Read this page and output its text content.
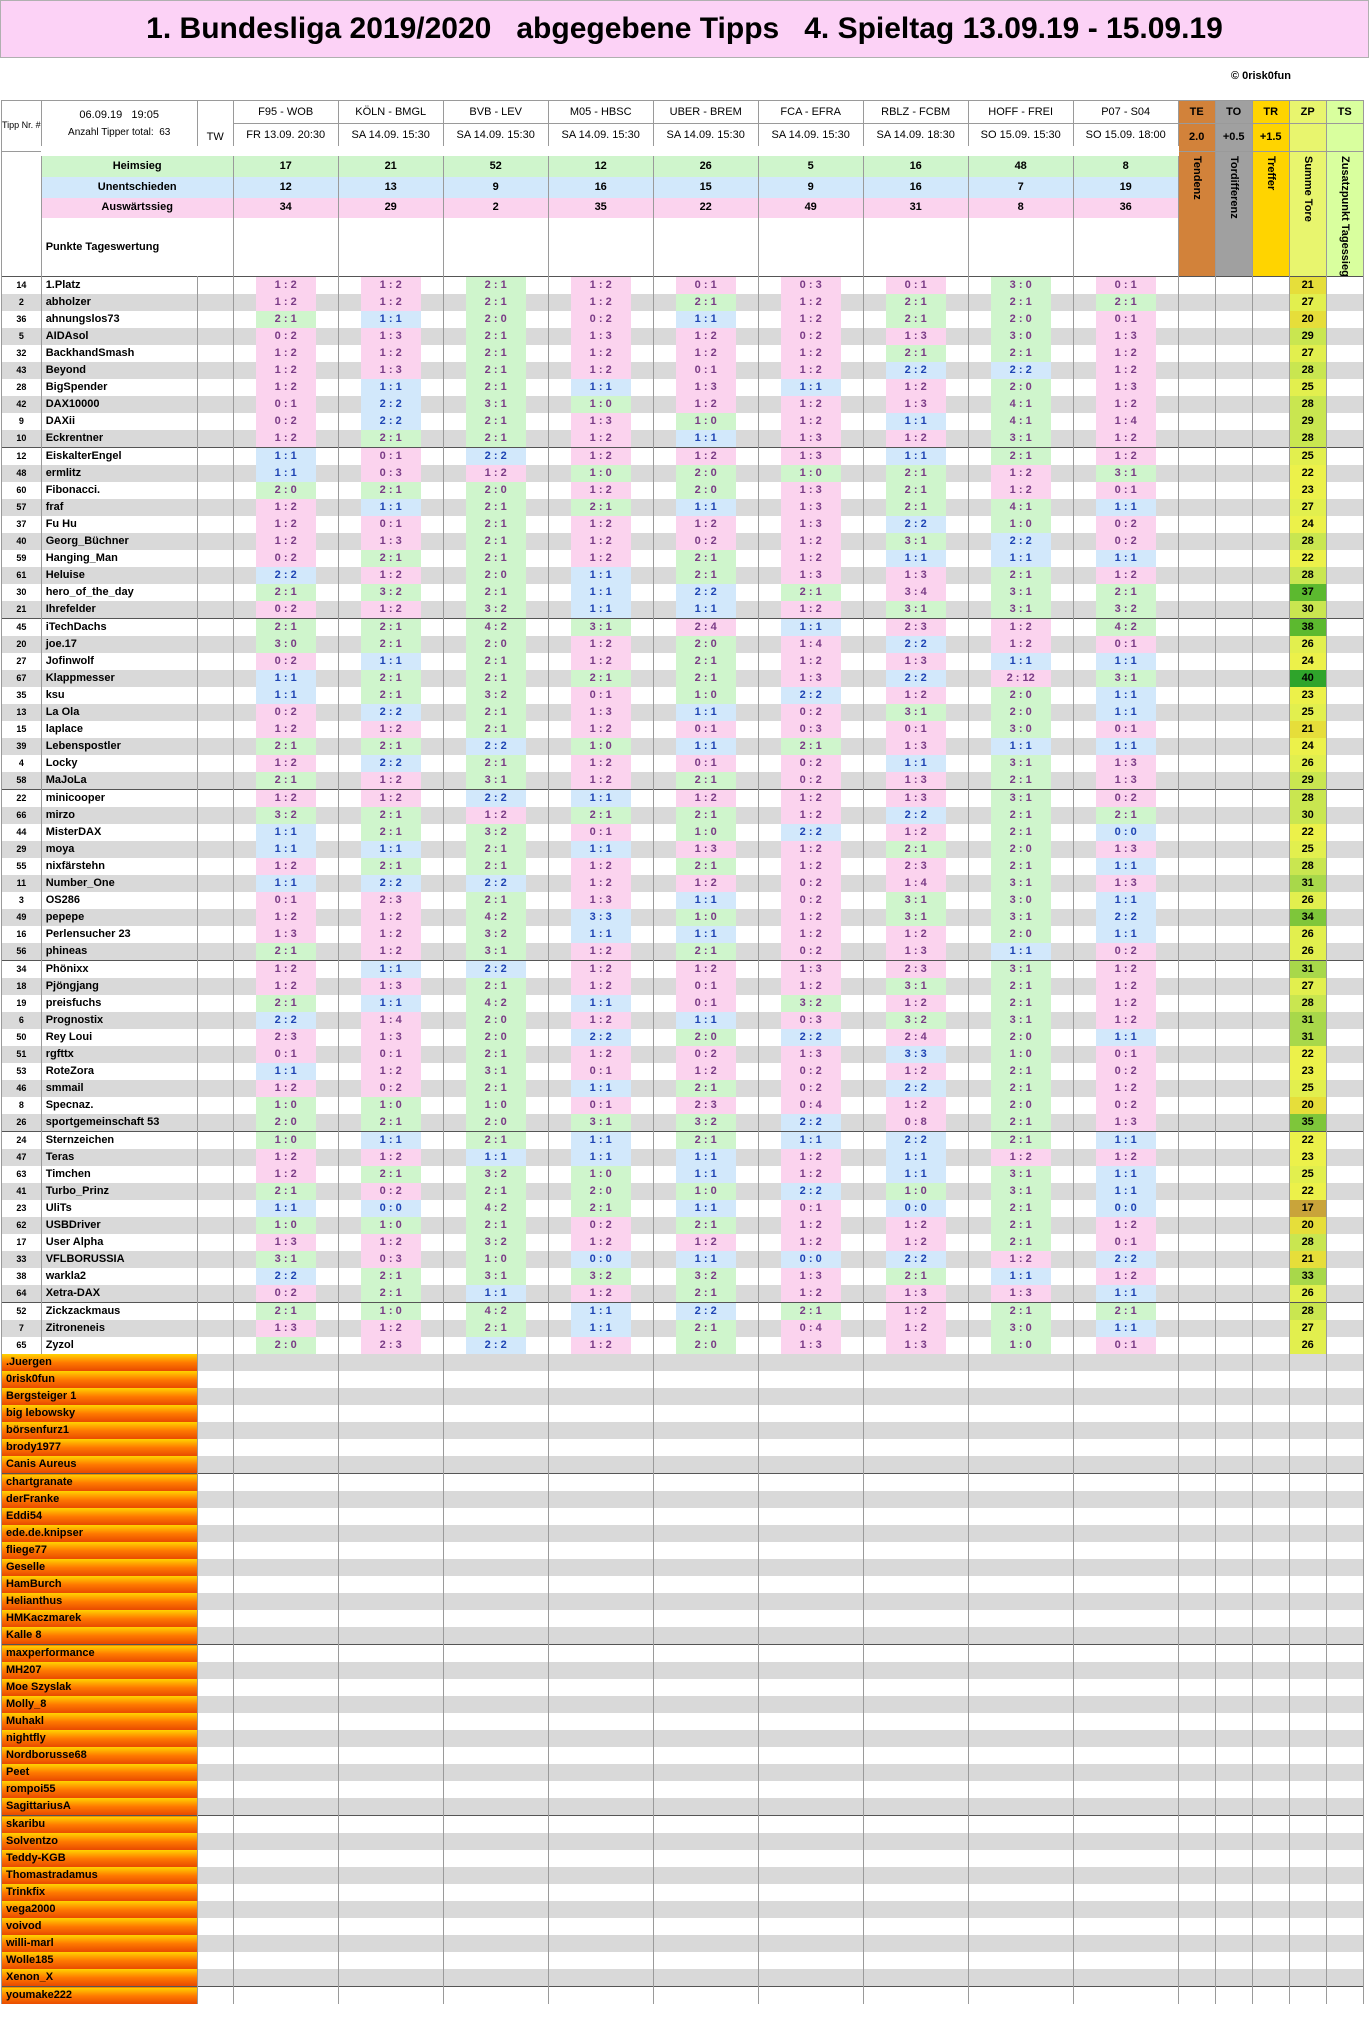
1. Bundesliga 2019/2020   abgegebene Tipps   4. Spieltag 13.09.19 - 15.09.19
© 0risk0fun
Tipp Nr. #	06.09.19 19:05
Anzahl Tipper total: 63	TW	F95 - WOB	KÖLN - BMGL	BVB - LEV	M05 - HBSC	UBER - BREM	FCA - EFRA	RBLZ - FCBM	HOFF - FREI	P07 - S04	TE	TO	TR	ZP	TS
			FR 13.09. 20:30	SA 14.09. 15:30	SA 14.09. 15:30	SA 14.09. 15:30	SA 14.09. 15:30	SA 14.09. 15:30	SA 14.09. 18:30	SO 15.09. 15:30	SO 15.09. 18:00	2.0	+0.5	+1.5		
	Heimsieg		17	21	52	12	26	5	16	48	8	Tendenz	Tordifferenz	Treffer	Summe Tore	Zusatzpunkt Tagessieg

	Unentschieden		12	13	9	16	15	9	16	7	19					
	Auswärtssieg		34	29	2	35	22	49	31	8	36					
	Punkte Tageswertung															
14	1.Platz		1 : 2	1 : 2	2 : 1	1 : 2	0 : 1	0 : 3	0 : 1	3 : 0	0 : 1				21	
2	abholzer		1 : 2	1 : 2	2 : 1	1 : 2	2 : 1	1 : 2	2 : 1	2 : 1	2 : 1				27	
36	ahnungslos73		2 : 1	1 : 1	2 : 0	0 : 2	1 : 1	1 : 2	2 : 1	2 : 0	0 : 1				20	
5	AIDAsol		0 : 2	1 : 3	2 : 1	1 : 3	1 : 2	0 : 2	1 : 3	3 : 0	1 : 3				29	
32	BackhandSmash		1 : 2	1 : 2	2 : 1	1 : 2	1 : 2	1 : 2	2 : 1	2 : 1	1 : 2				27	
43	Beyond		1 : 2	1 : 3	2 : 1	1 : 2	0 : 1	1 : 2	2 : 2	2 : 2	1 : 2				28	
28	BigSpender		1 : 2	1 : 1	2 : 1	1 : 1	1 : 3	1 : 1	1 : 2	2 : 0	1 : 3				25	
42	DAX10000		0 : 1	2 : 2	3 : 1	1 : 0	1 : 2	1 : 2	1 : 3	4 : 1	1 : 2				28	
9	DAXii		0 : 2	2 : 2	2 : 1	1 : 3	1 : 0	1 : 2	1 : 1	4 : 1	1 : 4				29	
10	Eckrentner		1 : 2	2 : 1	2 : 1	1 : 2	1 : 1	1 : 3	1 : 2	3 : 1	1 : 2				28	
12	EiskalterEngel		1 : 1	0 : 1	2 : 2	1 : 2	1 : 2	1 : 3	1 : 1	2 : 1	1 : 2				25	
48	ermlitz		1 : 1	0 : 3	1 : 2	1 : 0	2 : 0	1 : 0	2 : 1	1 : 2	3 : 1				22	
60	Fibonacci.		2 : 0	2 : 1	2 : 0	1 : 2	2 : 0	1 : 3	2 : 1	1 : 2	0 : 1				23	
57	fraf		1 : 2	1 : 1	2 : 1	2 : 1	1 : 1	1 : 3	2 : 1	4 : 1	1 : 1				27	
37	Fu Hu		1 : 2	0 : 1	2 : 1	1 : 2	1 : 2	1 : 3	2 : 2	1 : 0	0 : 2				24	
40	Georg_Büchner		1 : 2	1 : 3	2 : 1	1 : 2	0 : 2	1 : 2	3 : 1	2 : 2	0 : 2				28	
59	Hanging_Man		0 : 2	2 : 1	2 : 1	1 : 2	2 : 1	1 : 2	1 : 1	1 : 1	1 : 1				22	
61	Heluise		2 : 2	1 : 2	2 : 0	1 : 1	2 : 1	1 : 3	1 : 3	2 : 1	1 : 2				28	
30	hero_of_the_day		2 : 1	3 : 2	2 : 1	1 : 1	2 : 2	2 : 1	3 : 4	3 : 1	2 : 1				37	
21	Ihrefelder		0 : 2	1 : 2	3 : 2	1 : 1	1 : 1	1 : 2	3 : 1	3 : 1	3 : 2				30	
45	iTechDachs		2 : 1	2 : 1	4 : 2	3 : 1	2 : 4	1 : 1	2 : 3	1 : 2	4 : 2				38	
20	joe.17		3 : 0	2 : 1	2 : 0	1 : 2	2 : 0	1 : 4	2 : 2	1 : 2	0 : 1				26	
27	Jofinwolf		0 : 2	1 : 1	2 : 1	1 : 2	2 : 1	1 : 2	1 : 3	1 : 1	1 : 1				24	
67	Klappmesser		1 : 1	2 : 1	2 : 1	2 : 1	2 : 1	1 : 3	2 : 2	2 : 12	3 : 1				40	
35	ksu		1 : 1	2 : 1	3 : 2	0 : 1	1 : 0	2 : 2	1 : 2	2 : 0	1 : 1				23	
13	La Ola		0 : 2	2 : 2	2 : 1	1 : 3	1 : 1	0 : 2	3 : 1	2 : 0	1 : 1				25	
15	laplace		1 : 2	1 : 2	2 : 1	1 : 2	0 : 1	0 : 3	0 : 1	3 : 0	0 : 1				21	
39	Lebenspostler		2 : 1	2 : 1	2 : 2	1 : 0	1 : 1	2 : 1	1 : 3	1 : 1	1 : 1				24	
4	Locky		1 : 2	2 : 2	2 : 1	1 : 2	0 : 1	0 : 2	1 : 1	3 : 1	1 : 3				26	
58	MaJoLa		2 : 1	1 : 2	3 : 1	1 : 2	2 : 1	0 : 2	1 : 3	2 : 1	1 : 3				29	
22	minicooper		1 : 2	1 : 2	2 : 2	1 : 1	1 : 2	1 : 2	1 : 3	3 : 1	0 : 2				28	
66	mirzo		3 : 2	2 : 1	1 : 2	2 : 1	2 : 1	1 : 2	2 : 2	2 : 1	2 : 1				30	
44	MisterDAX		1 : 1	2 : 1	3 : 2	0 : 1	1 : 0	2 : 2	1 : 2	2 : 1	0 : 0				22	
29	moya		1 : 1	1 : 1	2 : 1	1 : 1	1 : 3	1 : 2	2 : 1	2 : 0	1 : 3				25	
55	nixfärstehn		1 : 2	2 : 1	2 : 1	1 : 2	2 : 1	1 : 2	2 : 3	2 : 1	1 : 1				28	
11	Number_One		1 : 1	2 : 2	2 : 2	1 : 2	1 : 2	0 : 2	1 : 4	3 : 1	1 : 3				31	
3	OS286		0 : 1	2 : 3	2 : 1	1 : 3	1 : 1	0 : 2	3 : 1	3 : 0	1 : 1				26	
49	pepepe		1 : 2	1 : 2	4 : 2	3 : 3	1 : 0	1 : 2	3 : 1	3 : 1	2 : 2				34	
16	Perlensucher 23		1 : 3	1 : 2	3 : 2	1 : 1	1 : 1	1 : 2	1 : 2	2 : 0	1 : 1				26	
56	phineas		2 : 1	1 : 2	3 : 1	1 : 2	2 : 1	0 : 2	1 : 3	1 : 1	0 : 2				26	
34	Phönixx		1 : 2	1 : 1	2 : 2	1 : 2	1 : 2	1 : 3	2 : 3	3 : 1	1 : 2				31	
18	Pjöngjang		1 : 2	1 : 3	2 : 1	1 : 2	0 : 1	1 : 2	3 : 1	2 : 1	1 : 2				27	
19	preisfuchs		2 : 1	1 : 1	4 : 2	1 : 1	0 : 1	3 : 2	1 : 2	2 : 1	1 : 2				28	
6	Prognostix		2 : 2	1 : 4	2 : 0	1 : 2	1 : 1	0 : 3	3 : 2	3 : 1	1 : 2				31	
50	Rey Loui		2 : 3	1 : 3	2 : 0	2 : 2	2 : 0	2 : 2	2 : 4	2 : 0	1 : 1				31	
51	rgfttx		0 : 1	0 : 1	2 : 1	1 : 2	0 : 2	1 : 3	3 : 3	1 : 0	0 : 1				22	
53	RoteZora		1 : 1	1 : 2	3 : 1	0 : 1	1 : 2	0 : 2	1 : 2	2 : 1	0 : 2				23	
46	smmail		1 : 2	0 : 2	2 : 1	1 : 1	2 : 1	0 : 2	2 : 2	2 : 1	1 : 2				25	
8	Specnaz.		1 : 0	1 : 0	1 : 0	0 : 1	2 : 3	0 : 4	1 : 2	2 : 0	0 : 2				20	
26	sportgemeinschaft 53		2 : 0	2 : 1	2 : 0	3 : 1	3 : 2	2 : 2	0 : 8	2 : 1	1 : 3				35	
24	Sternzeichen		1 : 0	1 : 1	2 : 1	1 : 1	2 : 1	1 : 1	2 : 2	2 : 1	1 : 1				22	
47	Teras		1 : 2	1 : 2	1 : 1	1 : 1	1 : 1	1 : 2	1 : 1	1 : 2	1 : 2				23	
63	Timchen		1 : 2	2 : 1	3 : 2	1 : 0	1 : 1	1 : 2	1 : 1	3 : 1	1 : 1				25	
41	Turbo_Prinz		2 : 1	0 : 2	2 : 1	2 : 0	1 : 0	2 : 2	1 : 0	3 : 1	1 : 1				22	
23	UliTs		1 : 1	0 : 0	4 : 2	2 : 1	1 : 1	0 : 1	0 : 0	2 : 1	0 : 0				17	
62	USBDriver		1 : 0	1 : 0	2 : 1	0 : 2	2 : 1	1 : 2	1 : 2	2 : 1	1 : 2				20	
17	User Alpha		1 : 3	1 : 2	3 : 2	1 : 2	1 : 2	1 : 2	1 : 2	2 : 1	0 : 1				28	
33	VFLBORUSSIA		3 : 1	0 : 3	1 : 0	0 : 0	1 : 1	0 : 0	2 : 2	1 : 2	2 : 2				21	
38	warkla2		2 : 2	2 : 1	3 : 1	3 : 2	3 : 2	1 : 3	2 : 1	1 : 1	1 : 2				33	
64	Xetra-DAX		0 : 2	2 : 1	1 : 1	1 : 2	2 : 1	1 : 2	1 : 3	1 : 3	1 : 1				26	
52	Zickzackmaus		2 : 1	1 : 0	4 : 2	1 : 1	2 : 2	2 : 1	1 : 2	2 : 1	2 : 1				28	
7	Zitroneneis		1 : 3	1 : 2	2 : 1	1 : 1	2 : 1	0 : 4	1 : 2	3 : 0	1 : 1				27	
65	Zyzol		2 : 0	2 : 3	2 : 2	1 : 2	2 : 0	1 : 3	1 : 3	1 : 0	0 : 1				26	
.Juergen																
0risk0fun																
Bergsteiger 1																
big lebowsky																
börsenfurz1																
brody1977																
Canis Aureus																
chartgranate																
derFranke																
Eddi54																
ede.de.knipser																
fliege77																
Geselle																
HamBurch																
Helianthus																
HMKaczmarek																
Kalle 8																
maxperformance																
MH207																
Moe Szyslak																
Molly_8																
Muhakl																
nightfly																
Nordborusse68																
Peet																
rompoi55																
SagittariusA																
skaribu																
Solventzo																
Teddy-KGB																
Thomastradamus																
Trinkfix																
vega2000																
voivod																
willi-marl																
Wolle185																
Xenon_X																
youmake222																
